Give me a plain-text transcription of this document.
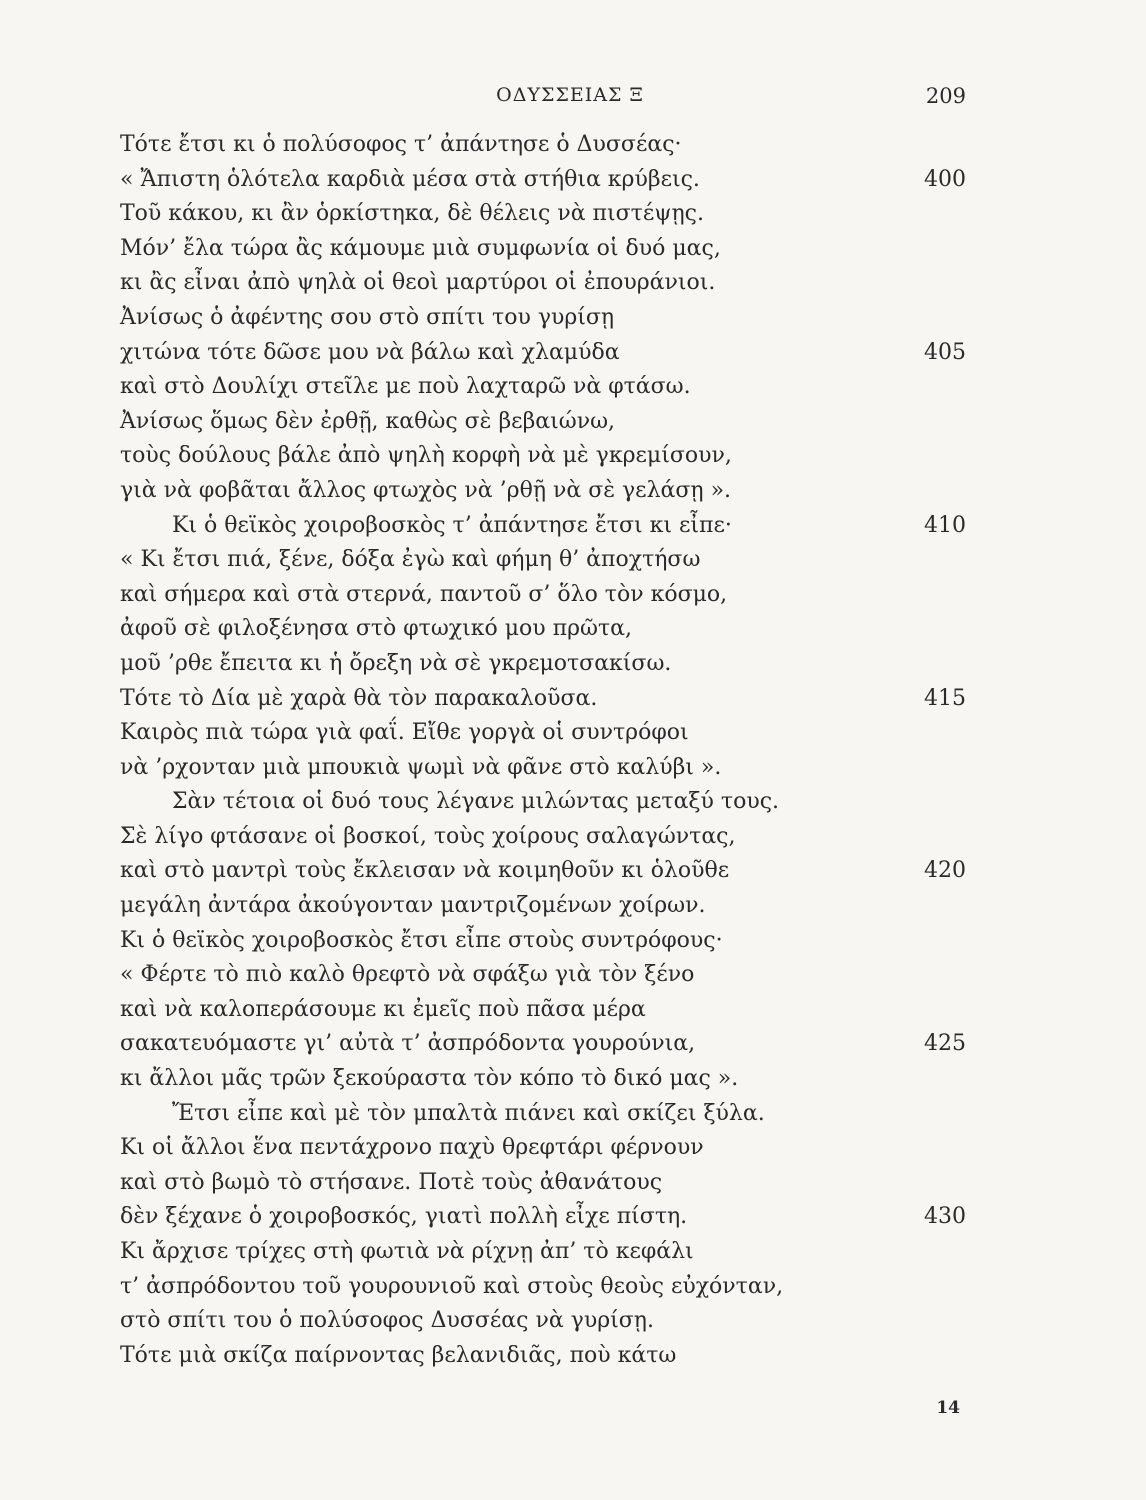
ΟΔΥΣΣΕΙΑΣ Ξ	209
Τότε ἔτσι κι ὁ πολύσοφος τ’ ἀπάντησε ὁ Δυσσέας·
« Ἄπιστη ὁλότελα καρδιὰ μέσα στὰ στήθια κρύβεις.	400
Τοῦ κάκου, κι ἂν ὁρκίστηκα, δὲ θέλεις νὰ πιστέψῃς.
Μόν’ ἔλα τώρα ἂς κάμουμε μιὰ συμφωνία οἱ δυό μας,
κι ἂς εἶναι ἀπὸ ψηλὰ οἱ θεοὶ μαρτύροι οἱ ἐπουράνιοι.
Ἀνίσως ὁ ἀφέντης σου στὸ σπίτι του γυρίσῃ
χιτώνα τότε δῶσε μου νὰ βάλω καὶ χλαμύδα	405
καὶ στὸ Δουλίχι στεῖλε με ποὺ λαχταρῶ νὰ φτάσω.
Ἀνίσως ὅμως δὲν ἐρθῇ, καθὼς σὲ βεβαιώνω,
τοὺς δούλους βάλε ἀπὸ ψηλὴ κορφὴ νὰ μὲ γκρεμίσουν,
γιὰ νὰ φοβᾶται ἄλλος φτωχὸς νὰ ’ρθῇ νὰ σὲ γελάσῃ ».
Κι ὁ θεϊκὸς χοιροβοσκὸς τ’ ἀπάντησε ἔτσι κι εἶπε·	410
« Κι ἔτσι πιά, ξένε, δόξα ἐγὼ καὶ φήμη θ’ ἀποχτήσω
καὶ σήμερα καὶ στὰ στερνά, παντοῦ σ’ ὅλο τὸν κόσμο,
ἀφοῦ σὲ φιλοξένησα στὸ φτωχικό μου πρῶτα,
μοῦ ’ρθε ἔπειτα κι ἡ ὄρεξη νὰ σὲ γκρεμοτσακίσω.
Τότε τὸ Δία μὲ χαρὰ θὰ τὸν παρακαλοῦσα.	415
Καιρὸς πιὰ τώρα γιὰ φαΐ. Εἴθε γοργὰ οἱ συντρόφοι
νὰ ’ρχονταν μιὰ μπουκιὰ ψωμὶ νὰ φᾶνε στὸ καλύβι ».
Σὰν τέτοια οἱ δυό τους λέγανε μιλώντας μεταξύ τους.
Σὲ λίγο φτάσανε οἱ βοσκοί, τοὺς χοίρους σαλαγώντας,
καὶ στὸ μαντρὶ τοὺς ἔκλεισαν νὰ κοιμηθοῦν κι ὁλοῦθε	420
μεγάλη ἀντάρα ἀκούγονταν μαντριζομένων χοίρων.
Κι ὁ θεϊκὸς χοιροβοσκὸς ἔτσι εἶπε στοὺς συντρόφους·
« Φέρτε τὸ πιὸ καλὸ θρεφτὸ νὰ σφάξω γιὰ τὸν ξένο
καὶ νὰ καλοπεράσουμε κι ἐμεῖς ποὺ πᾶσα μέρα
σακατευόμαστε γι’ αὐτὰ τ’ ἀσπρόδοντα γουρούνια,	425
κι ἄλλοι μᾶς τρῶν ξεκούραστα τὸν κόπο τὸ δικό μας ».
Ἔτσι εἶπε καὶ μὲ τὸν μπαλτὰ πιάνει καὶ σκίζει ξύλα.
Κι οἱ ἄλλοι ἕνα πεντάχρονο παχὺ θρεφτάρι φέρνουν
καὶ στὸ βωμὸ τὸ στήσανε. Ποτὲ τοὺς ἀθανάτους
δὲν ξέχανε ὁ χοιροβοσκός, γιατὶ πολλὴ εἶχε πίστη.	430
Κι ἄρχισε τρίχες στὴ φωτιὰ νὰ ρίχνῃ ἀπ’ τὸ κεφάλι
τ’ ἀσπρόδοντου τοῦ γουρουνιοῦ καὶ στοὺς θεοὺς εὐχόνταν,
στὸ σπίτι του ὁ πολύσοφος Δυσσέας νὰ γυρίσῃ.
Τότε μιὰ σκίζα παίρνοντας βελανιδιᾶς, ποὺ κάτω
14
